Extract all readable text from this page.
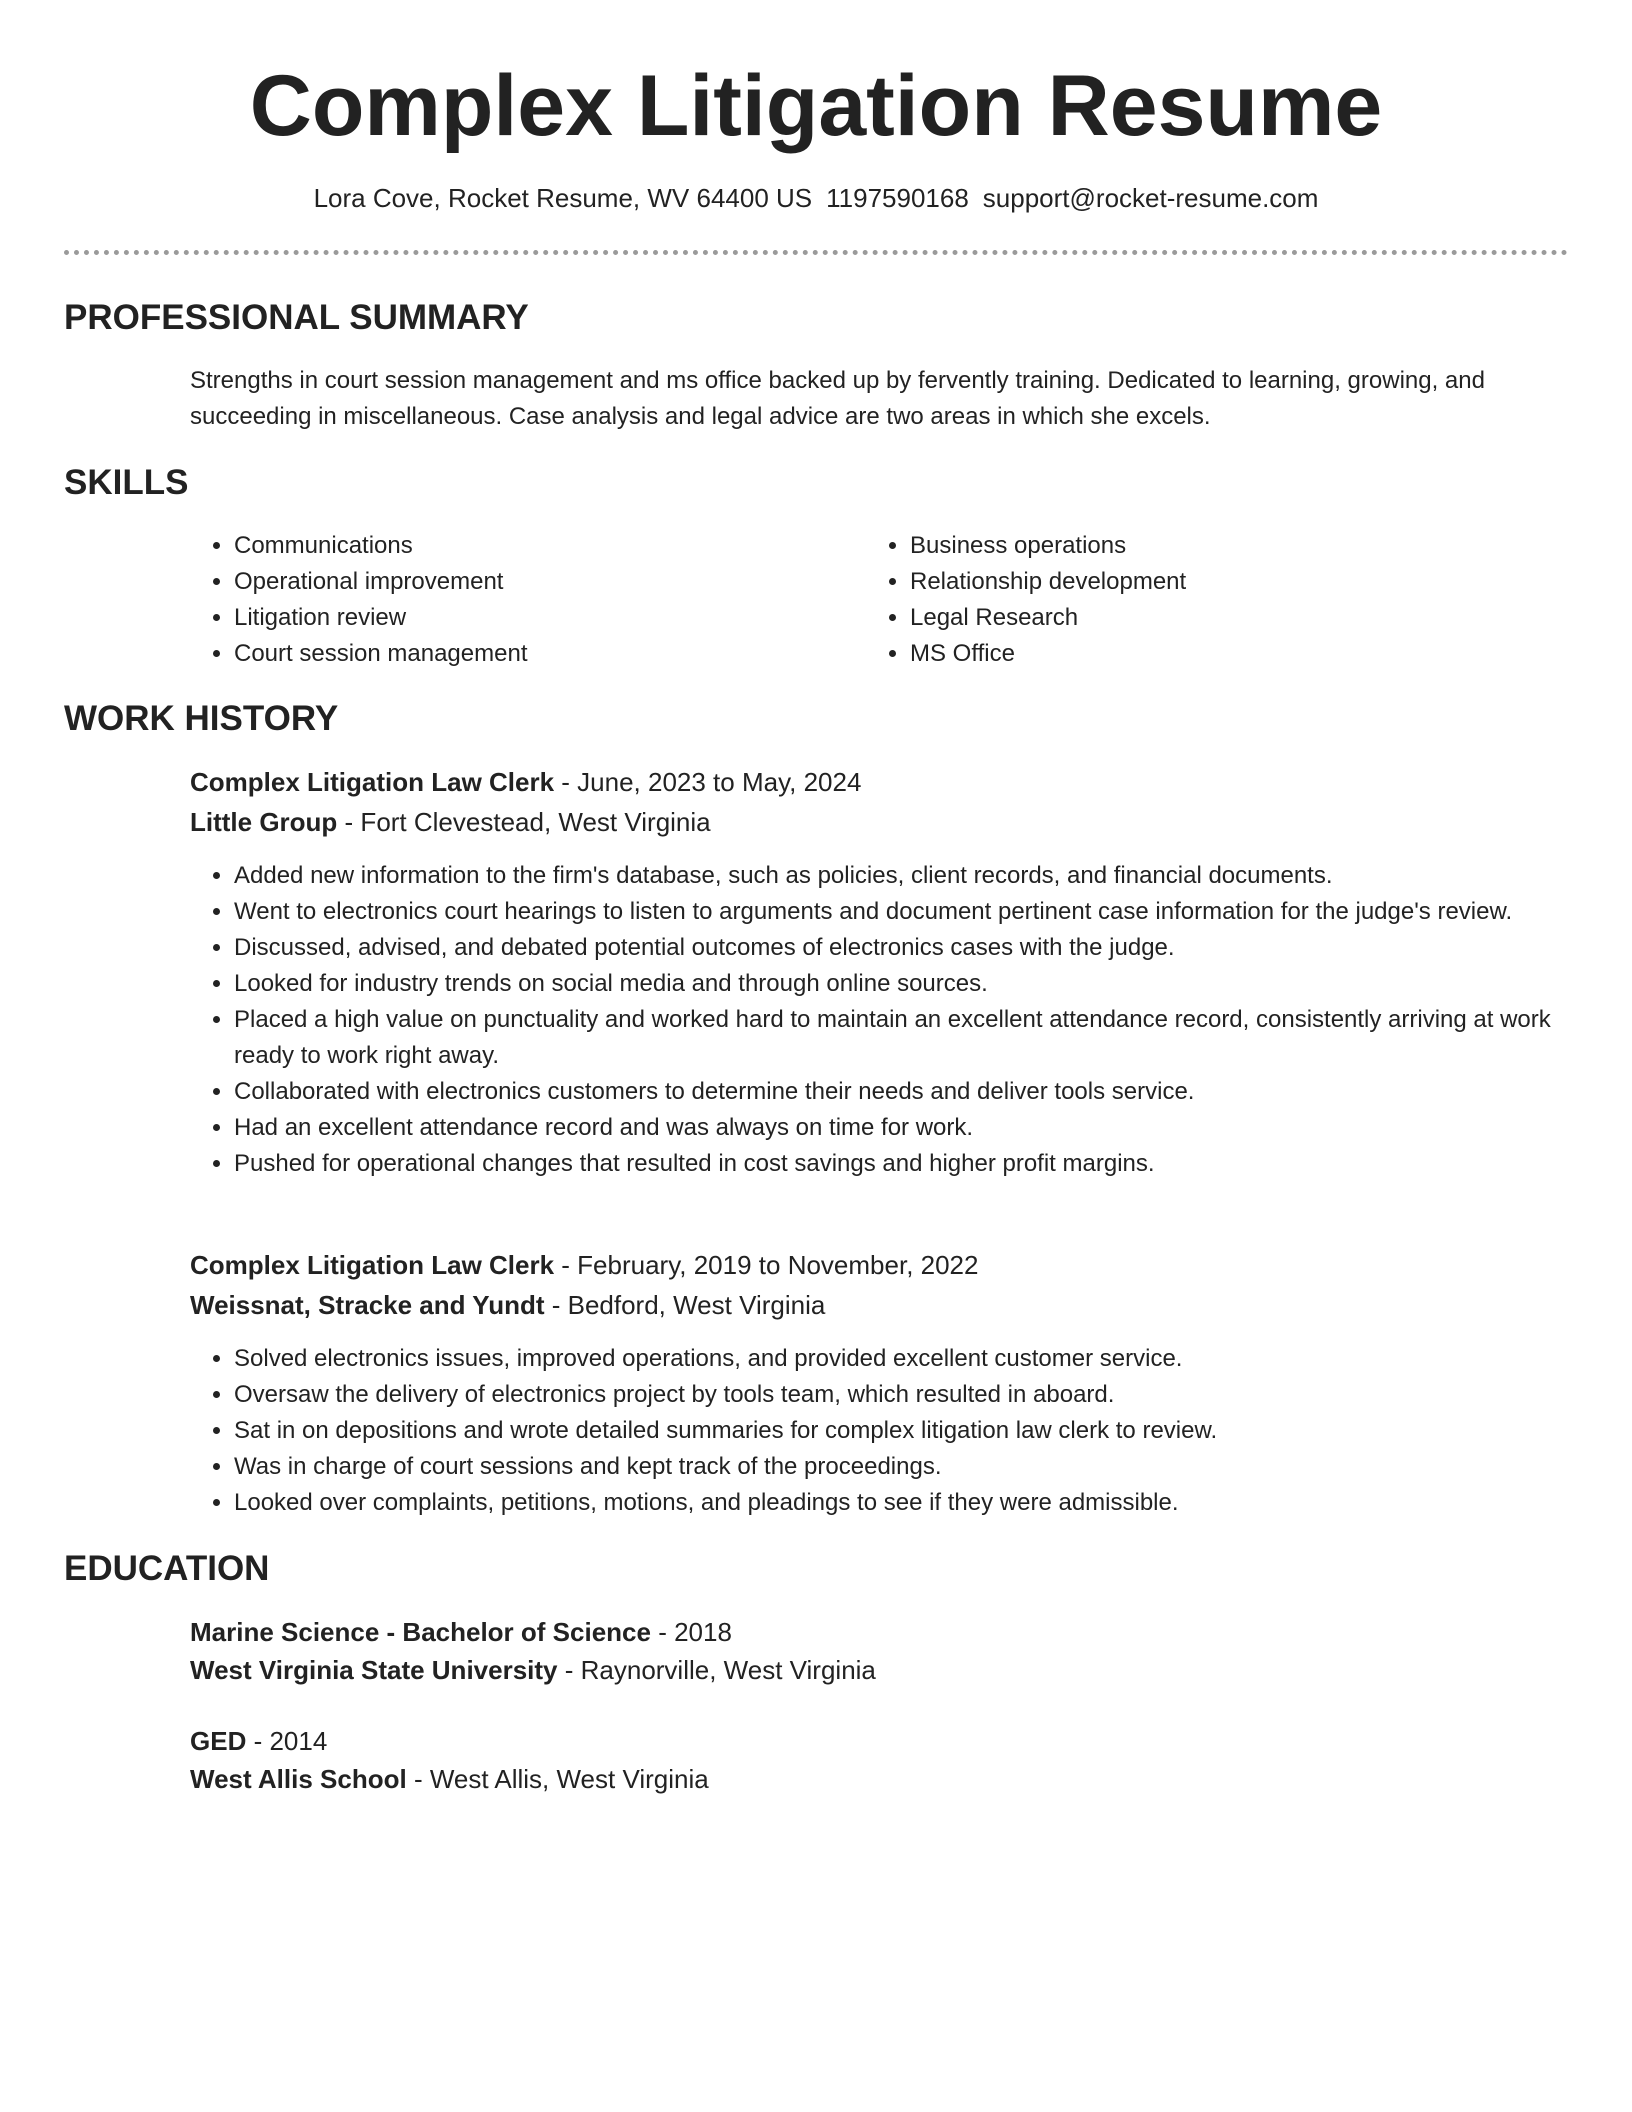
Complex Litigation Resume
Lora Cove, Rocket Resume, WV 64400 US 1197590168 support@rocket-resume.com
PROFESSIONAL SUMMARY

Strengths in court session management and ms office backed up by fervently training. Dedicated to learning, growing, and succeeding in miscellaneous. Case analysis and legal advice are two areas in which she excels.

SKILLS
• Communications
• Operational improvement
• Litigation review
• Court session management
• Business operations
• Relationship development
• Legal Research
• MS Office
WORK HISTORY
Complex Litigation Law Clerk - June, 2023 to May, 2024
Little Group - Fort Clevestead, West Virginia
• Added new information to the firm's database, such as policies, client records, and financial documents.
• Went to electronics court hearings to listen to arguments and document pertinent case information for the judge's review.
• Discussed, advised, and debated potential outcomes of electronics cases with the judge.
• Looked for industry trends on social media and through online sources.
• Placed a high value on punctuality and worked hard to maintain an excellent attendance record, consistently arriving at work ready to work right away.
• Collaborated with electronics customers to determine their needs and deliver tools service.
• Had an excellent attendance record and was always on time for work.
• Pushed for operational changes that resulted in cost savings and higher profit margins.
Complex Litigation Law Clerk - February, 2019 to November, 2022
Weissnat, Stracke and Yundt - Bedford, West Virginia
• Solved electronics issues, improved operations, and provided excellent customer service.
• Oversaw the delivery of electronics project by tools team, which resulted in aboard.
• Sat in on depositions and wrote detailed summaries for complex litigation law clerk to review.
• Was in charge of court sessions and kept track of the proceedings.
• Looked over complaints, petitions, motions, and pleadings to see if they were admissible.
EDUCATION
Marine Science - Bachelor of Science - 2018
West Virginia State University - Raynorville, West Virginia
GED - 2014
West Allis School - West Allis, West Virginia
